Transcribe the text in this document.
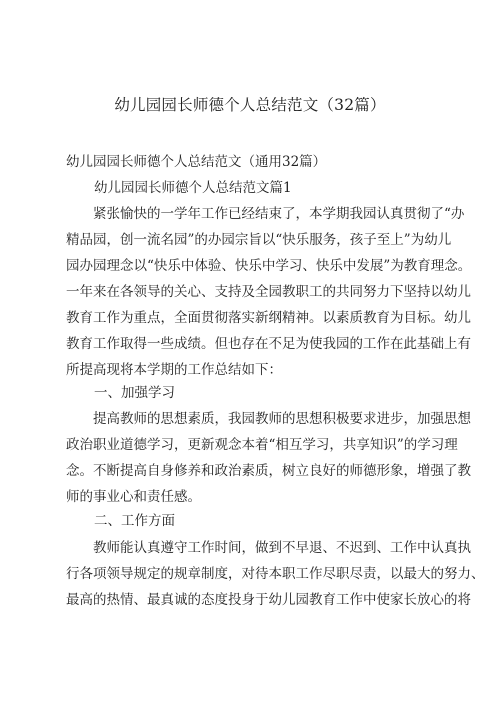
幼儿园园长师德个人总结范文（32篇）
幼儿园园长师德个人总结范文（通用32篇）
幼儿园园长师德个人总结范文篇1
紧张愉快的一学年工作已经结束了，本学期我园认真贯彻了“办
精品园，创一流名园”的办园宗旨以“快乐服务，孩子至上”为幼儿
园办园理念以“快乐中体验、快乐中学习、快乐中发展”为教育理念。
一年来在各领导的关心、支持及全园教职工的共同努力下坚持以幼儿
教育工作为重点，全面贯彻落实新纲精神。以素质教育为目标。幼儿
教育工作取得一些成绩。但也存在不足为使我园的工作在此基础上有
所提高现将本学期的工作总结如下：
一、加强学习
提高教师的思想素质，我园教师的思想积极要求进步，加强思想
政治职业道德学习，更新观念本着“相互学习，共享知识”的学习理
念。不断提高自身修养和政治素质，树立良好的师德形象，增强了教
师的事业心和责任感。
二、工作方面
教师能认真遵守工作时间，做到不早退、不迟到、工作中认真执
行各项领导规定的规章制度，对待本职工作尽职尽责，以最大的努力、
最高的热情、最真诚的态度投身于幼儿园教育工作中使家长放心的将
